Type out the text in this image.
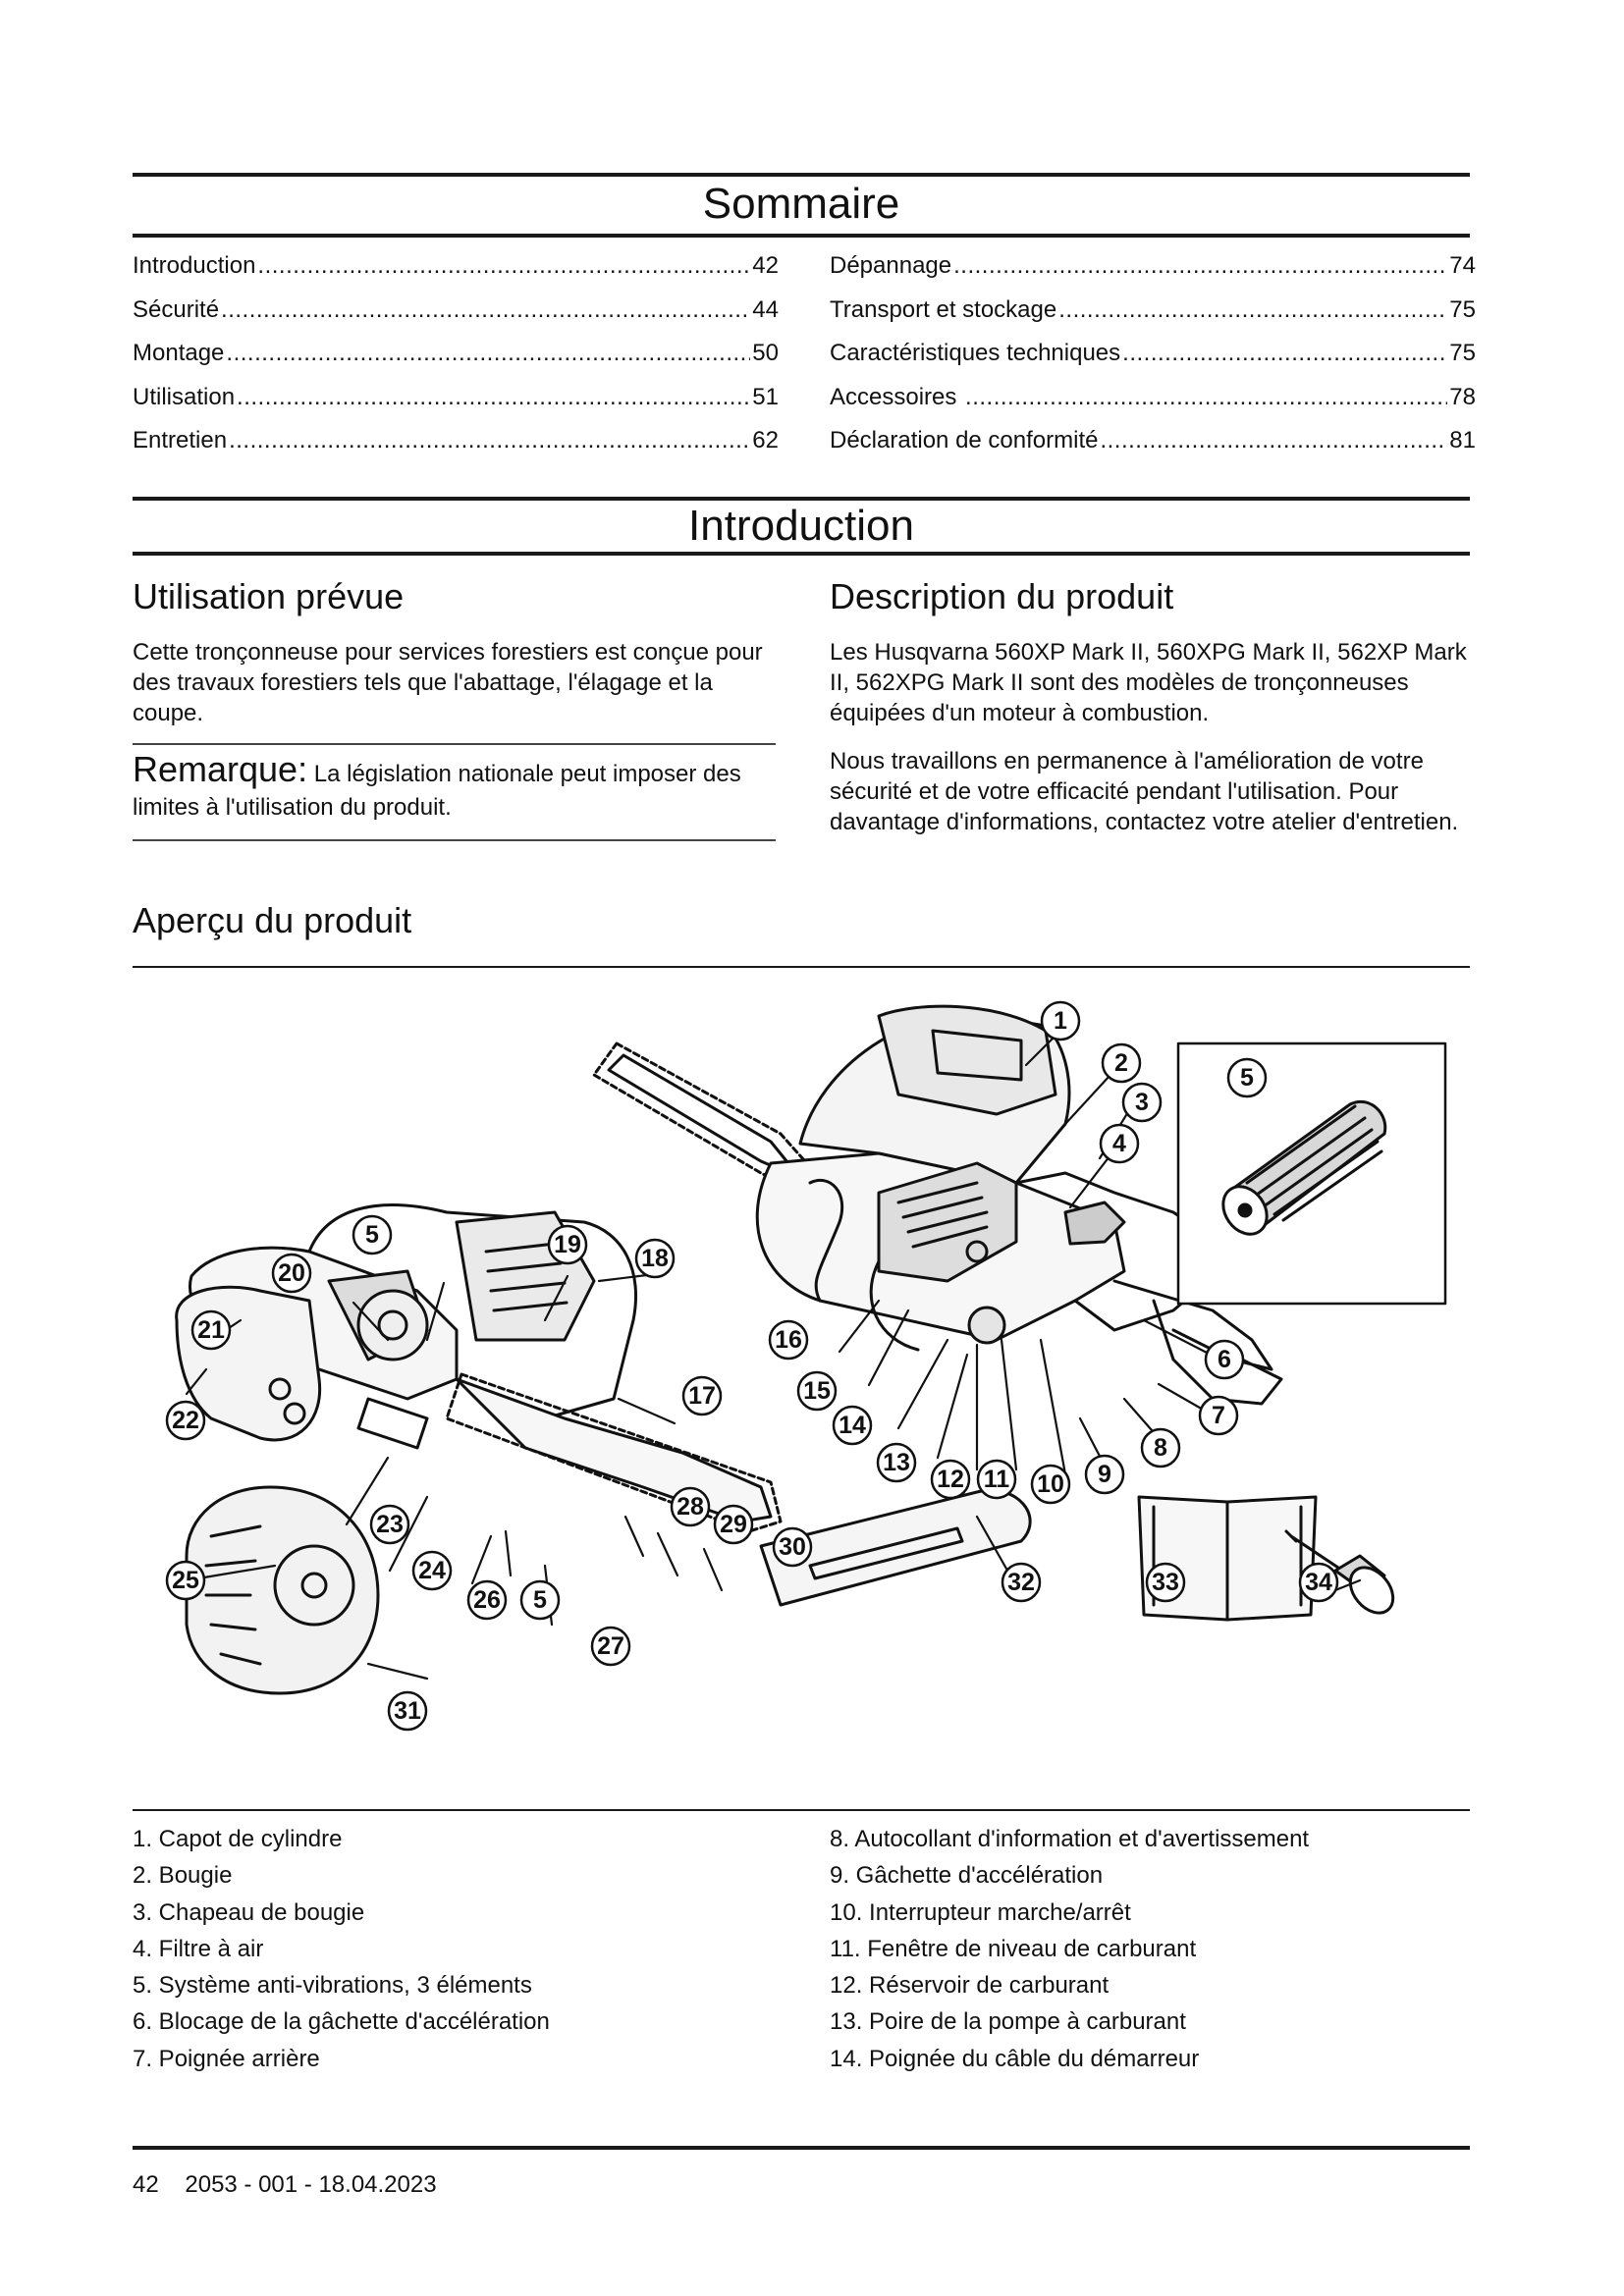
Sommaire
Introduction .....	42
Sécurité .....	44
Montage .....	50
Utilisation .....	51
Entretien .....	62
Dépannage .....	74
Transport et stockage .....	75
Caractéristiques techniques .....	75
Accessoires .....	78
Déclaration de conformité .....	81
Introduction
Utilisation prévue

Cette tronçonneuse pour services forestiers est conçue pour des travaux forestiers tels que l'abattage, l'élagage et la coupe.

Remarque: La législation nationale peut imposer des limites à l'utilisation du produit.
Description du produit

Les Husqvarna 560XP Mark II, 560XPG Mark II, 562XP Mark II, 562XPG Mark II sont des modèles de tronçonneuses équipées d'un moteur à combustion.

Nous travaillons en permanence à l'amélioration de votre sécurité et de votre efficacité pendant l'utilisation. Pour davantage d'informations, contactez votre atelier d'entretien.

Aperçu du produit
1
2
3
4
6
7
8
9
10
11
12
13
14
15
16
17
18
19
20
21
22
23
24
25
26 5
27
28
29
30
31
32	33	34
5
5
1. Capot de cylindre
2. Bougie
3. Chapeau de bougie
4. Filtre à air
5. Système anti-vibrations, 3 éléments
6. Blocage de la gâchette d'accélération
7. Poignée arrière
8. Autocollant d'information et d'avertissement
9. Gâchette d'accélération
10. Interrupteur marche/arrêt
11. Fenêtre de niveau de carburant
12. Réservoir de carburant
13. Poire de la pompe à carburant
14. Poignée du câble du démarreur
42    2053 - 001 - 18.04.2023
